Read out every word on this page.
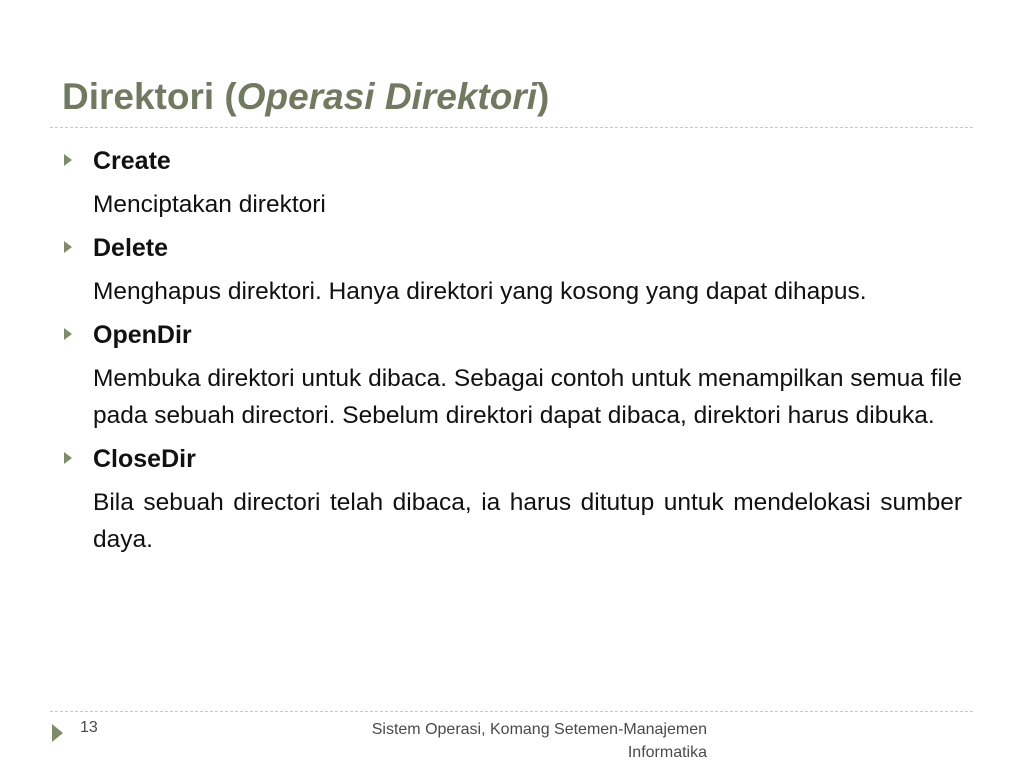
Direktori (Operasi Direktori)
Create

Menciptakan direktori

Delete

Menghapus direktori. Hanya direktori yang kosong yang dapat dihapus.

OpenDir

Membuka direktori untuk dibaca. Sebagai contoh untuk menampilkan semua file pada sebuah directori. Sebelum direktori dapat dibaca, direktori harus dibuka.

CloseDir

Bila sebuah directori telah dibaca, ia harus ditutup untuk mendelokasi sumber daya.

13	Sistem Operasi, Komang Setemen-Manajemen
Informatika
